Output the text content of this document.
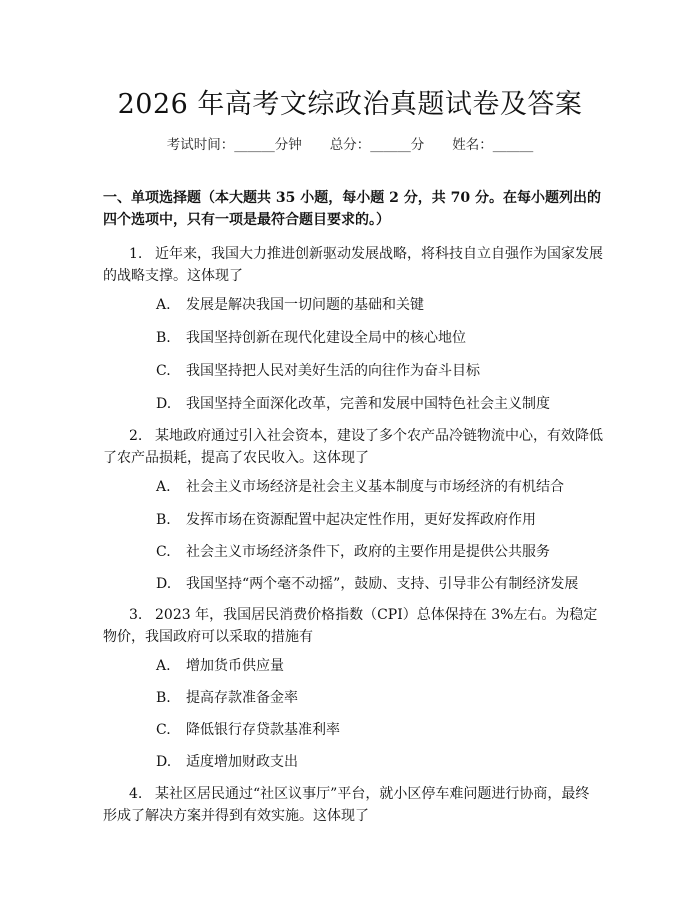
2026 年高考文综政治真题试卷及答案
考试时间：______分钟 总分：______分 姓名：______
一、单项选择题（本大题共 35 小题，每小题 2 分，共 70 分。在每小题列出的四个选项中，只有一项是最符合题目要求的。）
1. 近年来，我国大力推进创新驱动发展战略，将科技自立自强作为国家发展的战略支撑。这体现了
A. 发展是解决我国一切问题的基础和关键
B. 我国坚持创新在现代化建设全局中的核心地位
C. 我国坚持把人民对美好生活的向往作为奋斗目标
D. 我国坚持全面深化改革，完善和发展中国特色社会主义制度
2. 某地政府通过引入社会资本，建设了多个农产品冷链物流中心，有效降低了农产品损耗，提高了农民收入。这体现了
A. 社会主义市场经济是社会主义基本制度与市场经济的有机结合
B. 发挥市场在资源配置中起决定性作用，更好发挥政府作用
C. 社会主义市场经济条件下，政府的主要作用是提供公共服务
D. 我国坚持“两个毫不动摇”，鼓励、支持、引导非公有制经济发展
3. 2023 年，我国居民消费价格指数（CPI）总体保持在 3%左右。为稳定物价，我国政府可以采取的措施有
A. 增加货币供应量
B. 提高存款准备金率
C. 降低银行存贷款基准利率
D. 适度增加财政支出
4. 某社区居民通过“社区议事厅”平台，就小区停车难问题进行协商，最终形成了解决方案并得到有效实施。这体现了
